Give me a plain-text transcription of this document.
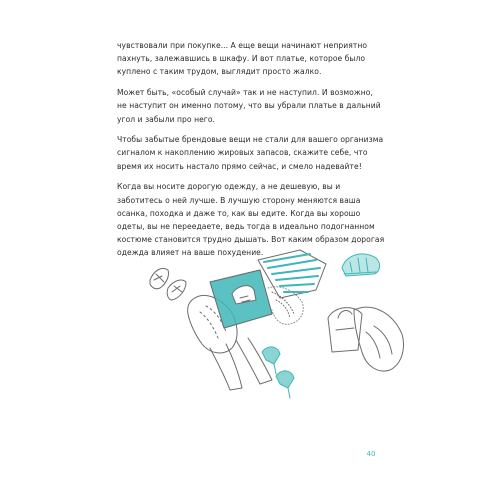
чувствовали при покупке... А еще вещи начинают неприятно пахнуть, залежавшись в шкафу. И вот платье, которое было куплено с таким трудом, выглядит просто жалко.

Может быть, «особый случай» так и не наступил. И возможно, не наступит он именно потому, что вы убрали платье в дальний угол и забыли про него.

Чтобы забытые брендовые вещи не стали для вашего организма сигналом к накоплению жировых запасов, скажите себе, что время их носить настало прямо сейчас, и смело надевайте!

Когда вы носите дорогую одежду, а не дешевую, вы и заботитесь о ней лучше. В лучшую сторону меняются ваша осанка, походка и даже то, как вы едите. Когда вы хорошо одеты, вы не переедаете, ведь тогда в идеально подогнанном костюме становится трудно дышать. Вот каким образом дорогая одежда влияет на ваше похудение.

40
